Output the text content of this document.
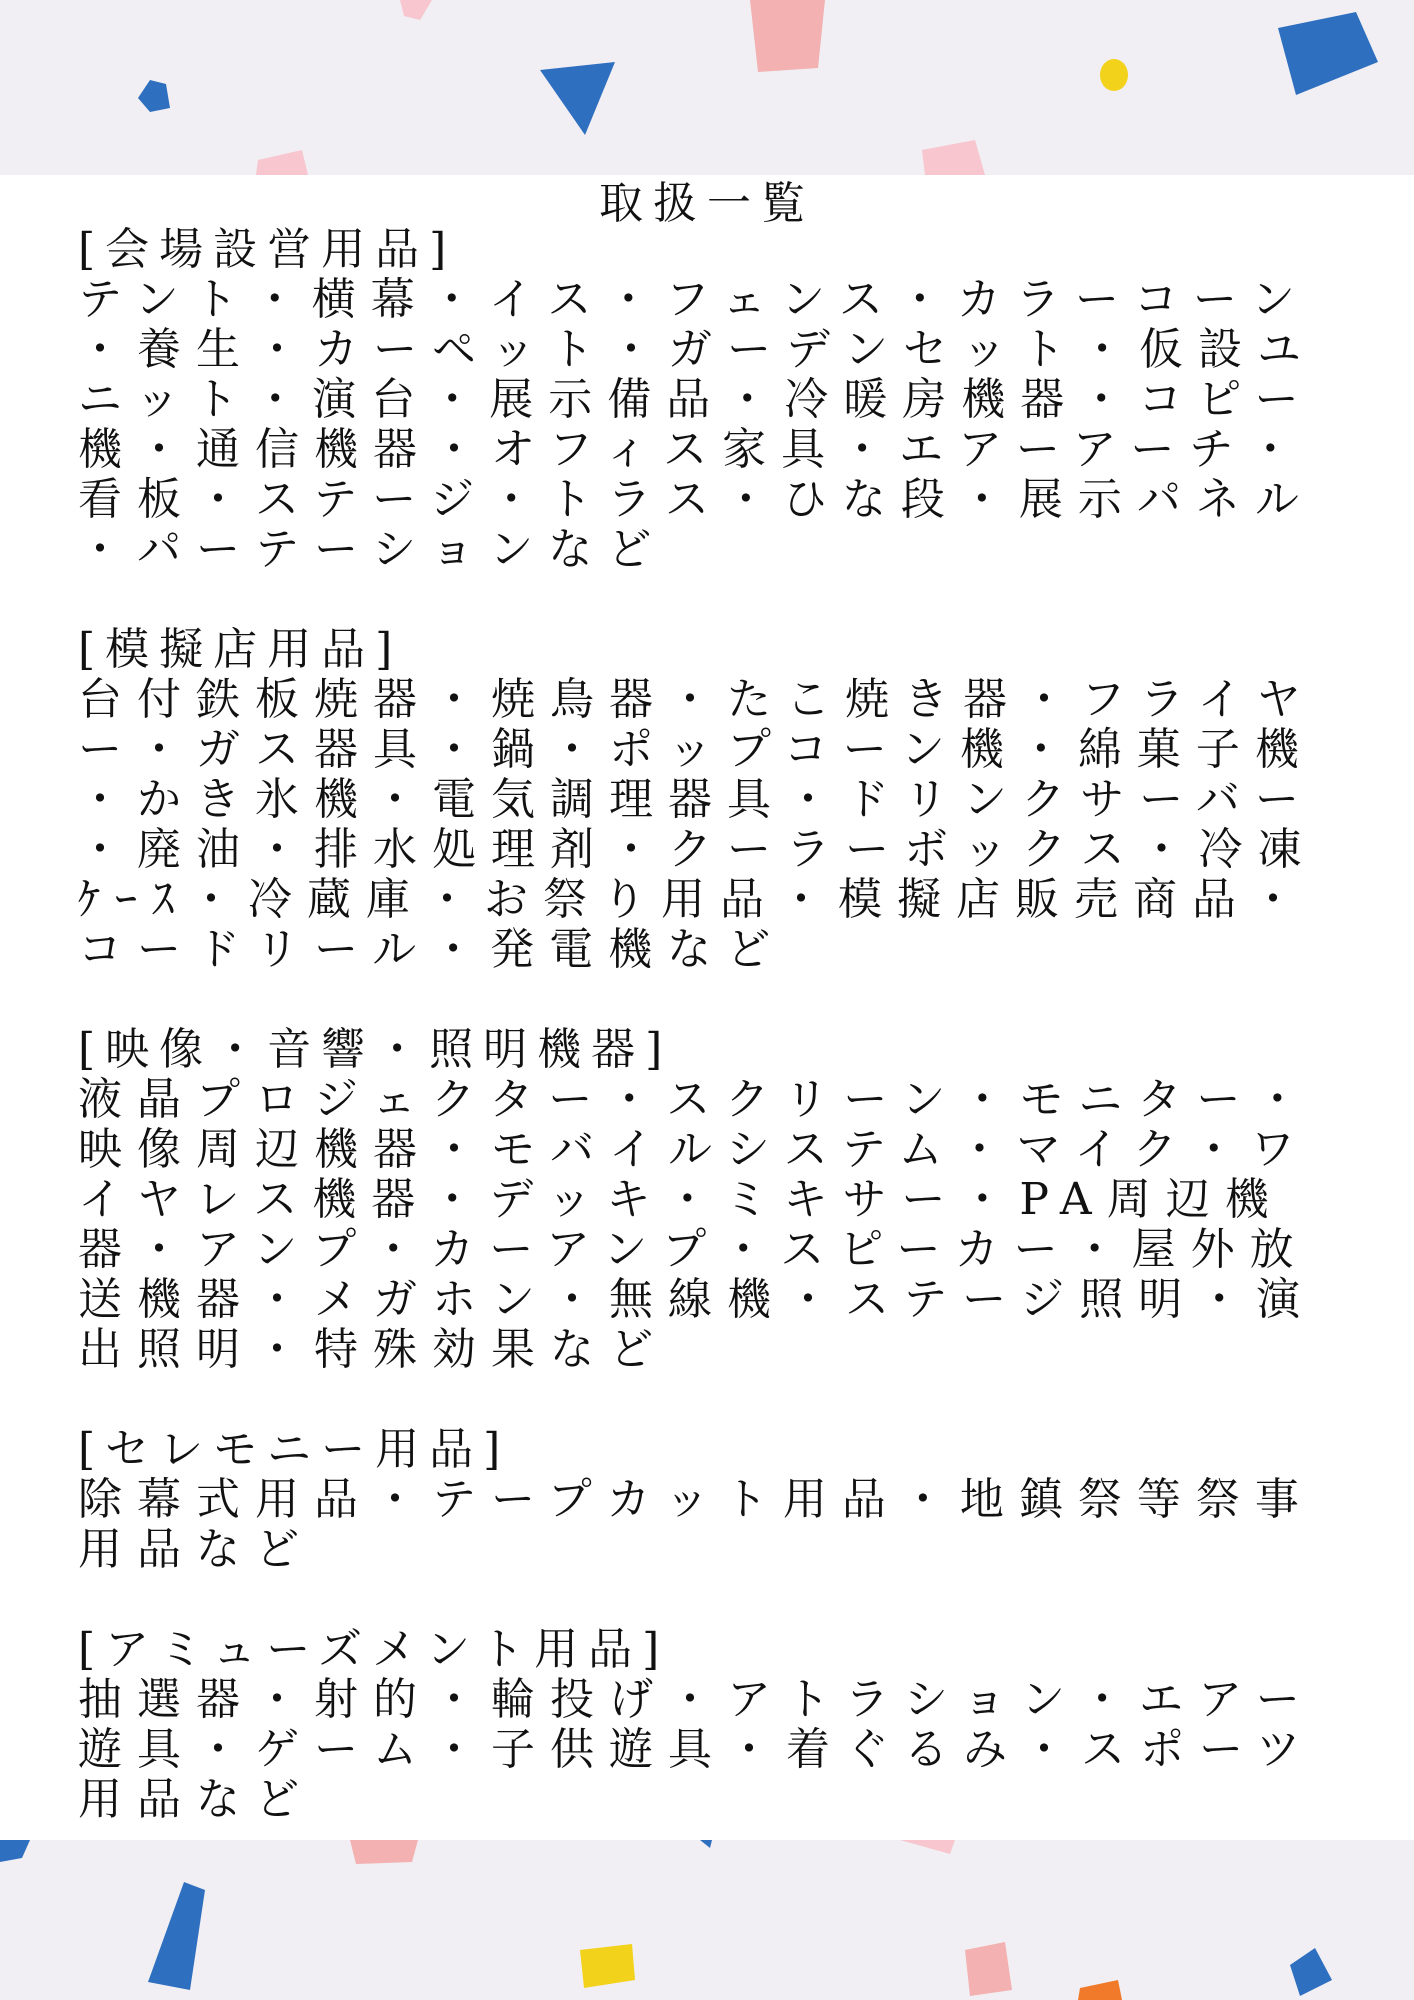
取扱一覧

[会場設営用品]

テント・横幕・イス・フェンス・カラーコーン・養生・カーペット・ガーデンセット・仮設ユニット・演台・展示備品・冷暖房機器・コピー機・通信機器・オフィス家具・エアーアーチ・看板・ステージ・トラス・ひな段・展示パネル・パーテーションなど

[模擬店用品]

台付鉄板焼器・焼鳥器・たこ焼き器・フライヤー・ガス器具・鍋・ポップコーン機・綿菓子機・かき氷機・電気調理器具・ドリンクサーバー・廃油・排水処理剤・クーラーボックス・冷凍ｹｰｽ・冷蔵庫・お祭り用品・模擬店販売商品・コードリール・発電機など

[映像・音響・照明機器]

液晶プロジェクター・スクリーン・モニター・映像周辺機器・モバイルシステム・マイク・ワイヤレス機器・デッキ・ミキサー・PA周辺機器・アンプ・カーアンプ・スピーカー・屋外放送機器・メガホン・無線機・ステージ照明・演出照明・特殊効果など

[セレモニー用品]

除幕式用品・テープカット用品・地鎮祭等祭事用品など

[アミューズメント用品]

抽選器・射的・輪投げ・アトラション・エアー遊具・ゲーム・子供遊具・着ぐるみ・スポーツ用品など
